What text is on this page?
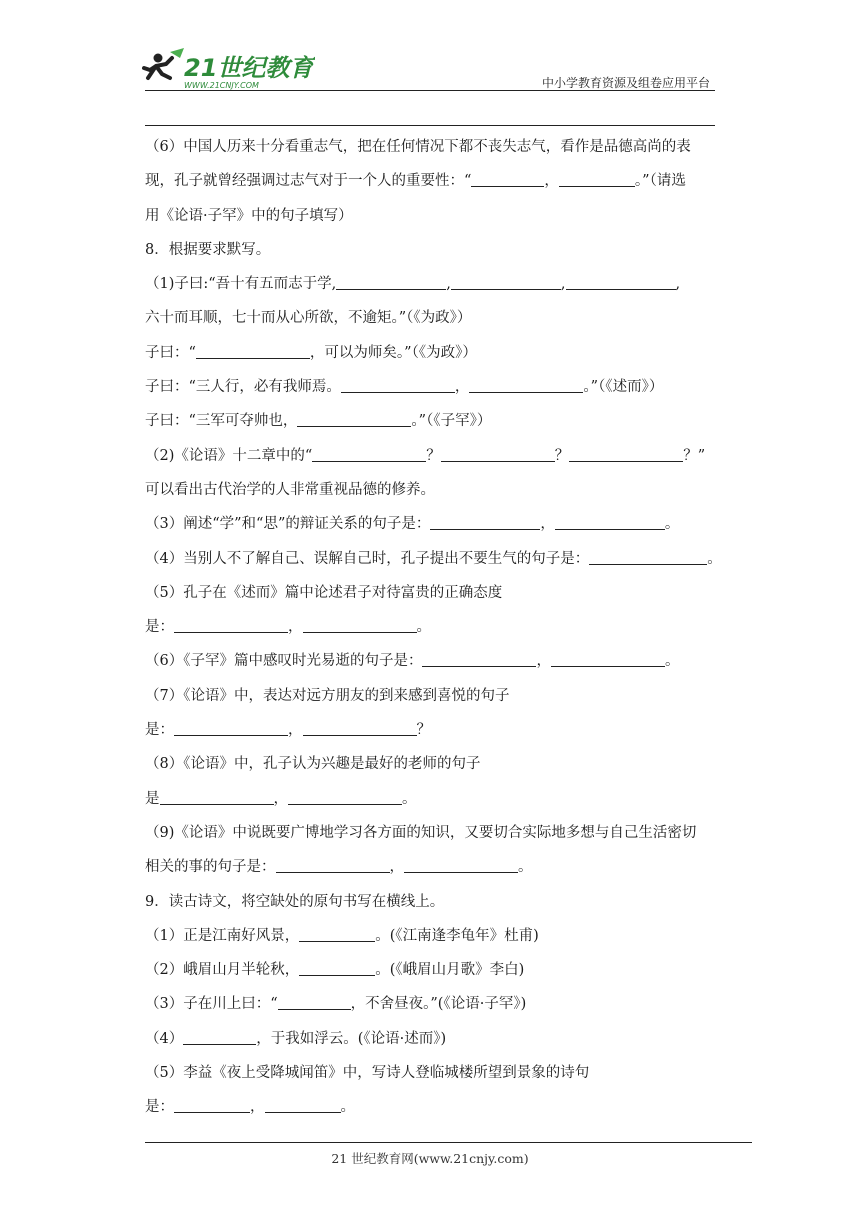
21世纪教育
WWW.21CNJY.COM	中小学教育资源及组卷应用平台
（6）中国人历来十分看重志气，把在任何情况下都不丧失志气，看作是品德高尚的表
现，孔子就曾经强调过志气对于一个人的重要性：“	，	。”（请选
用《论语·子罕》中的句子填写）
8．根据要求默写。
（1)子曰:“吾十有五而志于学,	,	,	,
六十而耳顺，七十而从心所欲，不逾矩。”（《为政》）
子曰：“	，可以为师矣。”（《为政》）
子曰：“三人行，必有我师焉。	，	。”（《述而》）
子曰：“三军可夺帅也，	。”（《子罕》）
（2)《论语》十二章中的“	？	？	？”
可以看出古代治学的人非常重视品德的修养。
（3）阐述“学”和“思”的辩证关系的句子是：	，	。
（4）当别人不了解自己、误解自己时，孔子提出不要生气的句子是：	。
（5）孔子在《述而》篇中论述君子对待富贵的正确态度
是：	，	。
（6）《子罕》篇中感叹时光易逝的句子是：	，	。
（7）《论语》中，表达对远方朋友的到来感到喜悦的句子
是：	，	？
（8）《论语》中，孔子认为兴趣是最好的老师的句子
是	，	。
（9)《论语》中说既要广博地学习各方面的知识，又要切合实际地多想与自己生活密切
相关的事的句子是：	，	。
9．读古诗文，将空缺处的原句书写在横线上。
（1）正是江南好风景，	。(《江南逢李龟年》杜甫)
（2）峨眉山月半轮秋，	。(《峨眉山月歌》李白)
（3）子在川上曰：“	，不舍昼夜。”(《论语·子罕》)
（4）	，于我如浮云。(《论语·述而》)
（5）李益《夜上受降城闻笛》中，写诗人登临城楼所望到景象的诗句
是：	，	。
21 世纪教育网(www.21cnjy.com)
